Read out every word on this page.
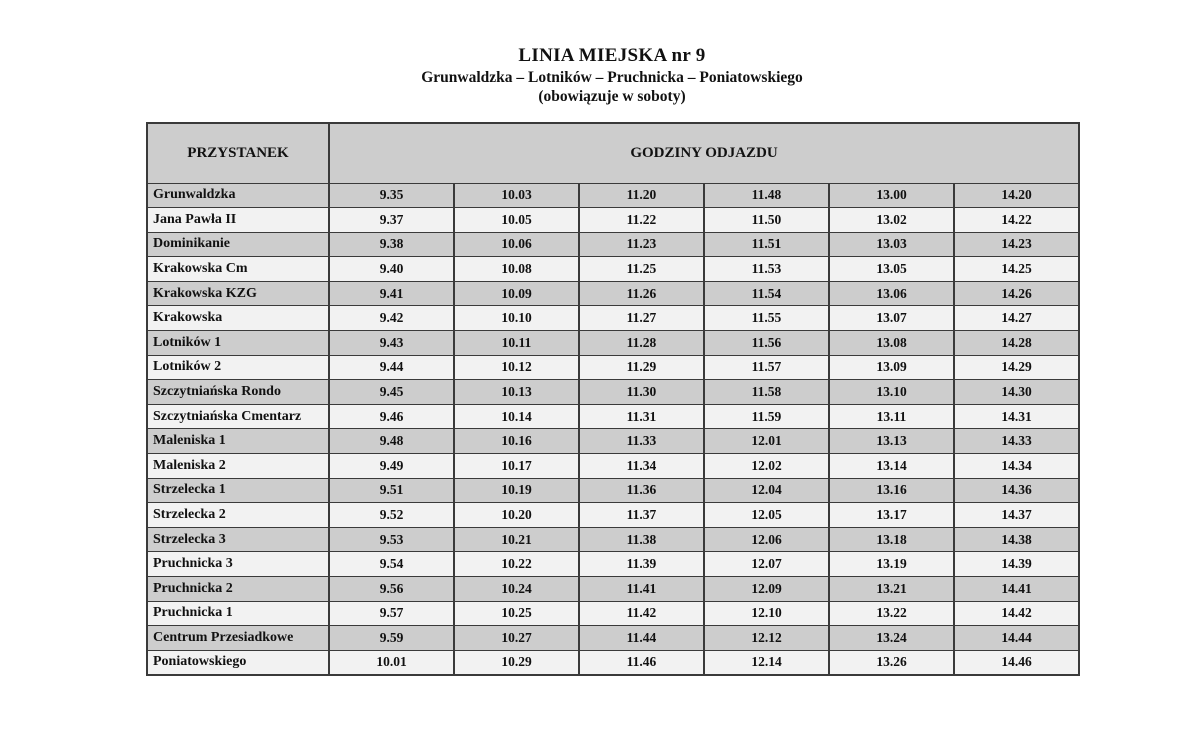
LINIA MIEJSKA nr 9
Grunwaldzka – Lotników – Pruchnicka – Poniatowskiego
(obowiązuje w soboty)
PRZYSTANEK	GODZINY ODJAZDU					
Grunwaldzka	9.35	10.03	11.20	11.48	13.00	14.20
Jana Pawła II	9.37	10.05	11.22	11.50	13.02	14.22
Dominikanie	9.38	10.06	11.23	11.51	13.03	14.23
Krakowska Cm	9.40	10.08	11.25	11.53	13.05	14.25
Krakowska KZG	9.41	10.09	11.26	11.54	13.06	14.26
Krakowska	9.42	10.10	11.27	11.55	13.07	14.27
Lotników 1	9.43	10.11	11.28	11.56	13.08	14.28
Lotników 2	9.44	10.12	11.29	11.57	13.09	14.29
Szczytniańska Rondo	9.45	10.13	11.30	11.58	13.10	14.30
Szczytniańska Cmentarz	9.46	10.14	11.31	11.59	13.11	14.31
Maleniska 1	9.48	10.16	11.33	12.01	13.13	14.33
Maleniska 2	9.49	10.17	11.34	12.02	13.14	14.34
Strzelecka 1	9.51	10.19	11.36	12.04	13.16	14.36
Strzelecka 2	9.52	10.20	11.37	12.05	13.17	14.37
Strzelecka 3	9.53	10.21	11.38	12.06	13.18	14.38
Pruchnicka 3	9.54	10.22	11.39	12.07	13.19	14.39
Pruchnicka 2	9.56	10.24	11.41	12.09	13.21	14.41
Pruchnicka 1	9.57	10.25	11.42	12.10	13.22	14.42
Centrum Przesiadkowe	9.59	10.27	11.44	12.12	13.24	14.44
Poniatowskiego	10.01	10.29	11.46	12.14	13.26	14.46
